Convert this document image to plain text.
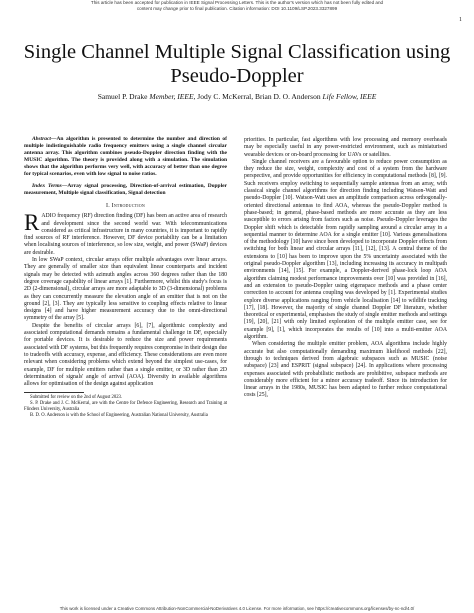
This article has been accepted for publication in IEEE Signal Processing Letters. This is the author's version which has not been fully edited and
content may change prior to final publication. Citation information: DOI 10.1109/LSP.2023.3327899
1
Single Channel Multiple Signal Classification using Pseudo-Doppler
Samuel P. Drake Member, IEEE, Jody C. McKerral, Brian D. O. Anderson Life Fellow, IEEE

Abstract—An algorithm is presented to determine the number and direction of multiple indistinguishable radio frequency emitters using a single channel circular antenna array. This algorithm combines pseudo-Doppler direction finding with the MUSIC algorithm. The theory is provided along with a simulation. The simulation shows that the algorithm performs very well, with accuracy of better than one degree for typical scenarios, even with low signal to noise ratios.

Index Terms—Array signal processing, Direction-of-arrival estimation, Doppler measurement, Multiple signal classification, Signal detection

I. Introduction

RADIO frequency (RF) direction finding (DF) has been an active area of research and development since the second world war. With telecommunications considered as critical infrastructure in many countries, it is important to rapidly find sources of RF interference. However, DF device portability can be a limitation when localising sources of interference, so low size, weight, and power (SWaP) devices are desirable.

In low SWaP context, circular arrays offer multiple advantages over linear arrays. They are generally of smaller size than equivalent linear counterparts and incident signals may be detected with azimuth angles across 360 degrees rather than the 180 degree coverage capability of linear arrays [1]. Furthermore, whilst this study's focus is 2D (2-dimensional), circular arrays are more adaptable to 3D (3-dimensional) problems as they can concurrently measure the elevation angle of an emitter that is not on the ground [2], [3]. They are typically less sensitive to coupling effects relative to linear designs [4] and have higher measurement accuracy due to the omni-directional symmetry of the array [5].

Despite the benefits of circular arrays [6], [7], algorithmic complexity and associated computational demands remains a fundamental challenge in DF, especially for portable devices. It is desirable to reduce the size and power requirements associated with DF systems, but this frequently requires compromise in their design due to tradeoffs with accuracy, expense, and efficiency. These considerations are even more relevant when considering problems which extend beyond the simplest use-cases, for example, DF for multiple emitters rather than a single emitter, or 3D rather than 2D determination of signals' angle of arrival (AOA). Diversity in available algorithms allows for optimisation of the design against application

Submitted for review on the 2nd of August 2023.

S. P. Drake and J. C. McKerral, are with the Centre for Defence Engineering, Research and Training at Flinders University, Australia

B. D. O. Anderson is with the School of Engineering, Australian National University, Australia

priorities. In particular, fast algorithms with low processing and memory overheads may be especially useful in any power-restricted environment, such as miniaturised wearable devices or on-board processing for UAVs or satellites.

Single channel receivers are a favourable option to reduce power consumption as they reduce the size, weight, complexity and cost of a system from the hardware perspective, and provide opportunities for efficiency in computational methods [8], [9]. Such receivers employ switching to sequentially sample antennas from an array, with classical single channel algorithms for direction finding including Watson-Watt and pseudo-Doppler [10]. Watson-Watt uses an amplitude comparison across orthogonally-oriented directional antennas to find AOA, whereas the pseudo-Doppler method is phase-based; in general, phase-based methods are more accurate as they are less susceptible to errors arising from factors such as noise. Pseudo-Doppler leverages the Doppler shift which is detectable from rapidly sampling around a circular array in a sequential manner to determine AOA for a single emitter [10]. Various generalisations of the methodology [10] have since been developed to incorporate Doppler effects from switching for both linear and circular arrays [11], [12], [13]. A central theme of the extensions to [10] has been to improve upon the 5% uncertainty associated with the original pseudo-Doppler algorithm [13], including increasing its accuracy in multipath environments [14], [15]. For example, a Doppler-derived phase-lock loop AOA algorithm claiming modest performance improvements over [10] was provided in [16], and an extension to pseudo-Doppler using eigenspace methods and a phase center correction to account for antenna coupling was developed by [1]. Experimental studies explore diverse applications ranging from vehicle localisation [14] to wildlife tracking [17], [18]. However, the majority of single channel Doppler DF literature, whether theoretical or experimental, emphasises the study of single emitter methods and settings [19], [20], [21] with only limited exploration of the multiple emitter case, see for example [9], [1], which incorporates the results of [10] into a multi-emitter AOA algorithm.

When considering the multiple emitter problem, AOA algorithms include highly accurate but also computationally demanding maximum likelihood methods [22], through to techniques derived from algebraic subspaces such as MUSIC (noise subspace) [23] and ESPRIT (signal subspace) [24]. In applications where processing expenses associated with probabilistic methods are prohibitive, subspace methods are considerably more efficient for a minor accuracy tradeoff. Since its introduction for linear arrays in the 1980s, MUSIC has been adapted to further reduce computational costs [25],

This work is licensed under a Creative Commons Attribution-NonCommercial-NoDerivatives 4.0 License. For more information, see https://creativecommons.org/licenses/by-nc-nd/4.0/
